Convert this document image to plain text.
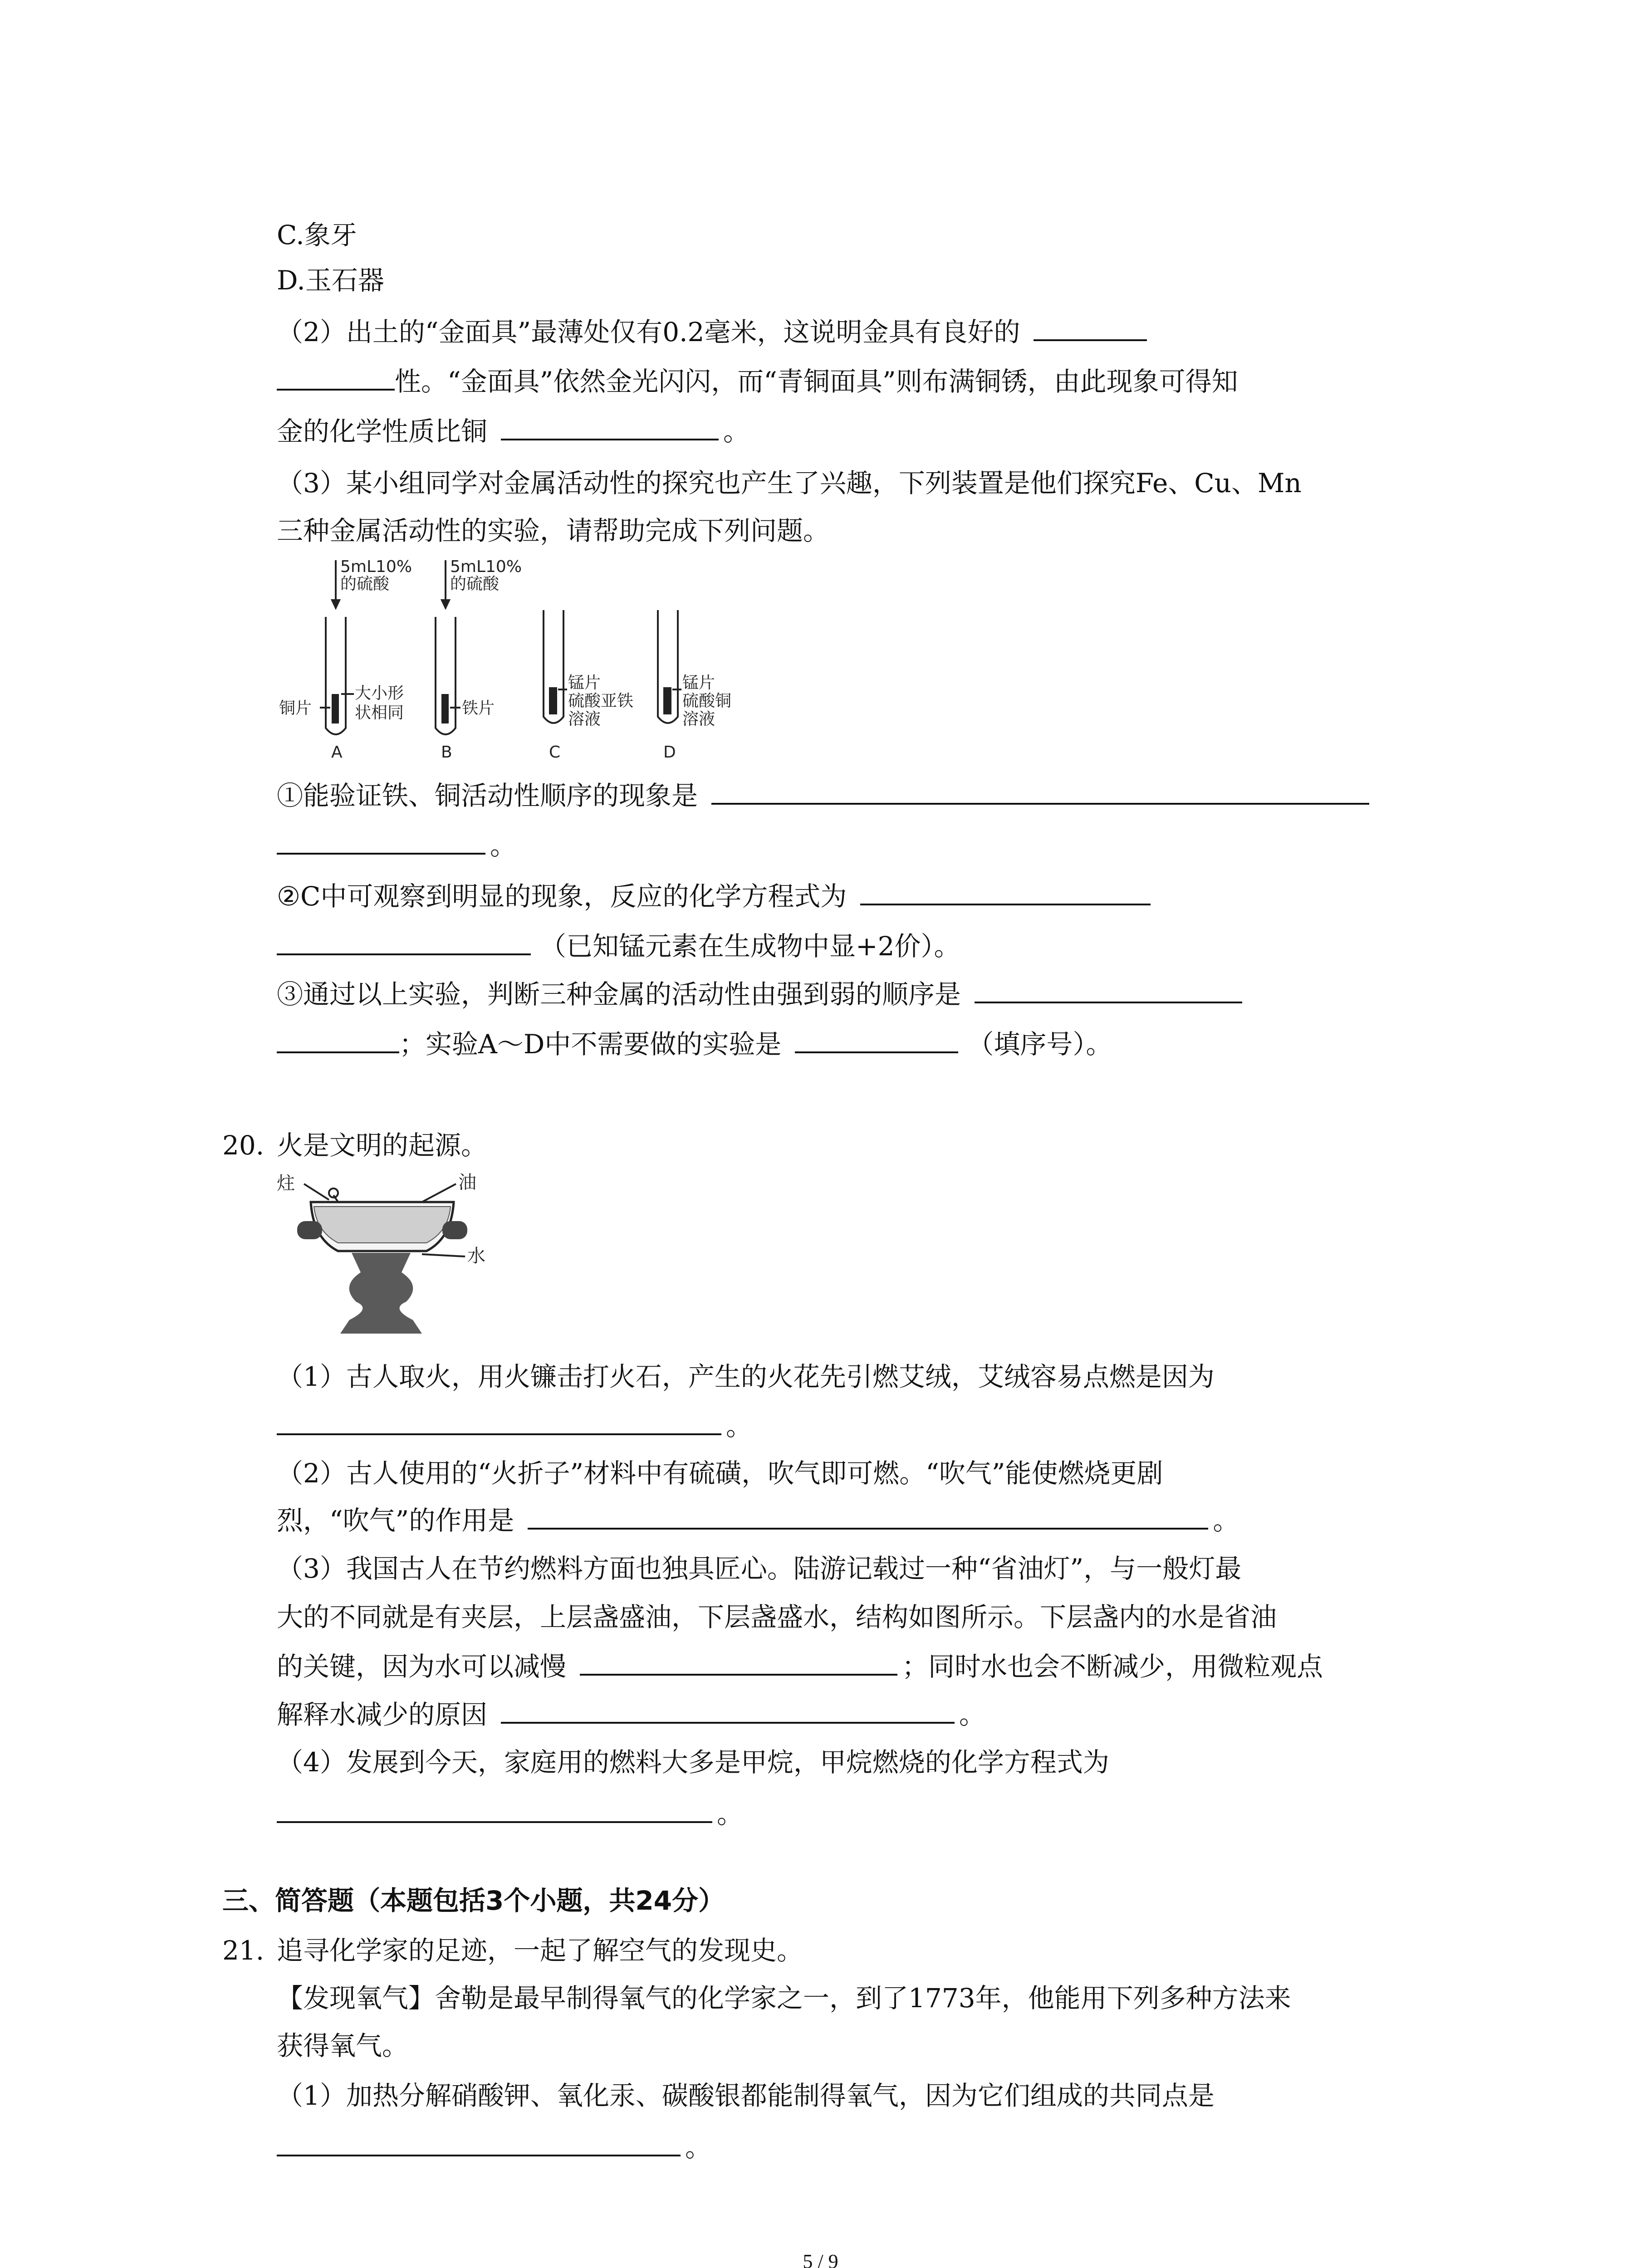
C.象牙
D.玉石器
（2）出土的“金面具”最薄处仅有0.2毫米，这说明金具有良好的
性。“金面具”依然金光闪闪，而“青铜面具”则布满铜锈，由此现象可得知
金的化学性质比铜	。
（3）某小组同学对金属活动性的探究也产生了兴趣，下列装置是他们探究Fe、Cu、Mn
三种金属活动性的实验，请帮助完成下列问题。
5mL10%
的硫酸
5mL10%
的硫酸
铜片
大小形
状相同	铁片
锰片
硫酸亚铁
溶液
锰片
硫酸铜
溶液
A	B	C	D
①能验证铁、铜活动性顺序的现象是
。
②C中可观察到明显的现象，反应的化学方程式为
（已知锰元素在生成物中显+2价）。
③通过以上实验，判断三种金属的活动性由强到弱的顺序是
；实验A～D中不需要做的实验是	（填序号）。
20. 火是文明的起源。
炷	油
水
（1）古人取火，用火镰击打火石，产生的火花先引燃艾绒，艾绒容易点燃是因为
。
（2）古人使用的“火折子”材料中有硫磺，吹气即可燃。“吹气”能使燃烧更剧
烈，“吹气”的作用是	。
（3）我国古人在节约燃料方面也独具匠心。陆游记载过一种“省油灯”，与一般灯最
大的不同就是有夹层，上层盏盛油，下层盏盛水，结构如图所示。下层盏内的水是省油
的关键，因为水可以减慢	；同时水也会不断减少，用微粒观点
解释水减少的原因	。
（4）发展到今天，家庭用的燃料大多是甲烷，甲烷燃烧的化学方程式为
。
三、简答题（本题包括3个小题，共24分）
21. 追寻化学家的足迹，一起了解空气的发现史。
【发现氧气】舍勒是最早制得氧气的化学家之一，到了1773年，他能用下列多种方法来
获得氧气。
（1）加热分解硝酸钾、氧化汞、碳酸银都能制得氧气，因为它们组成的共同点是
。
5 / 9
